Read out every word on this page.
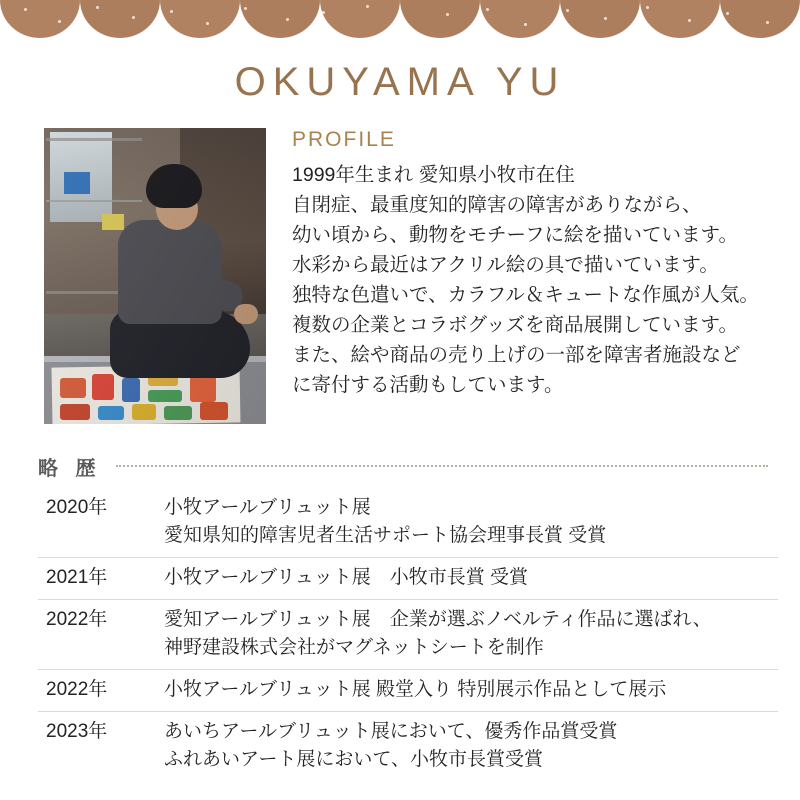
OKUYAMA YU
PROFILE
1999年生まれ 愛知県小牧市在住
自閉症、最重度知的障害の障害がありながら、
幼い頃から、動物をモチーフに絵を描いています。
水彩から最近はアクリル絵の具で描いています。
独特な色遣いで、カラフル＆キュートな作風が人気。
複数の企業とコラボグッズを商品展開しています。
また、絵や商品の売り上げの一部を障害者施設など
に寄付する活動もしています。
略 歴
2020年	小牧アールブリュット展
愛知県知的障害児者生活サポート協会理事長賞 受賞
2021年	小牧アールブリュット展　小牧市長賞 受賞
2022年	愛知アールブリュット展　企業が選ぶノベルティ作品に選ばれ、
神野建設株式会社がマグネットシートを制作
2022年	小牧アールブリュット展 殿堂入り 特別展示作品として展示
2023年	あいちアールブリュット展において、優秀作品賞受賞
ふれあいアート展において、小牧市長賞受賞
